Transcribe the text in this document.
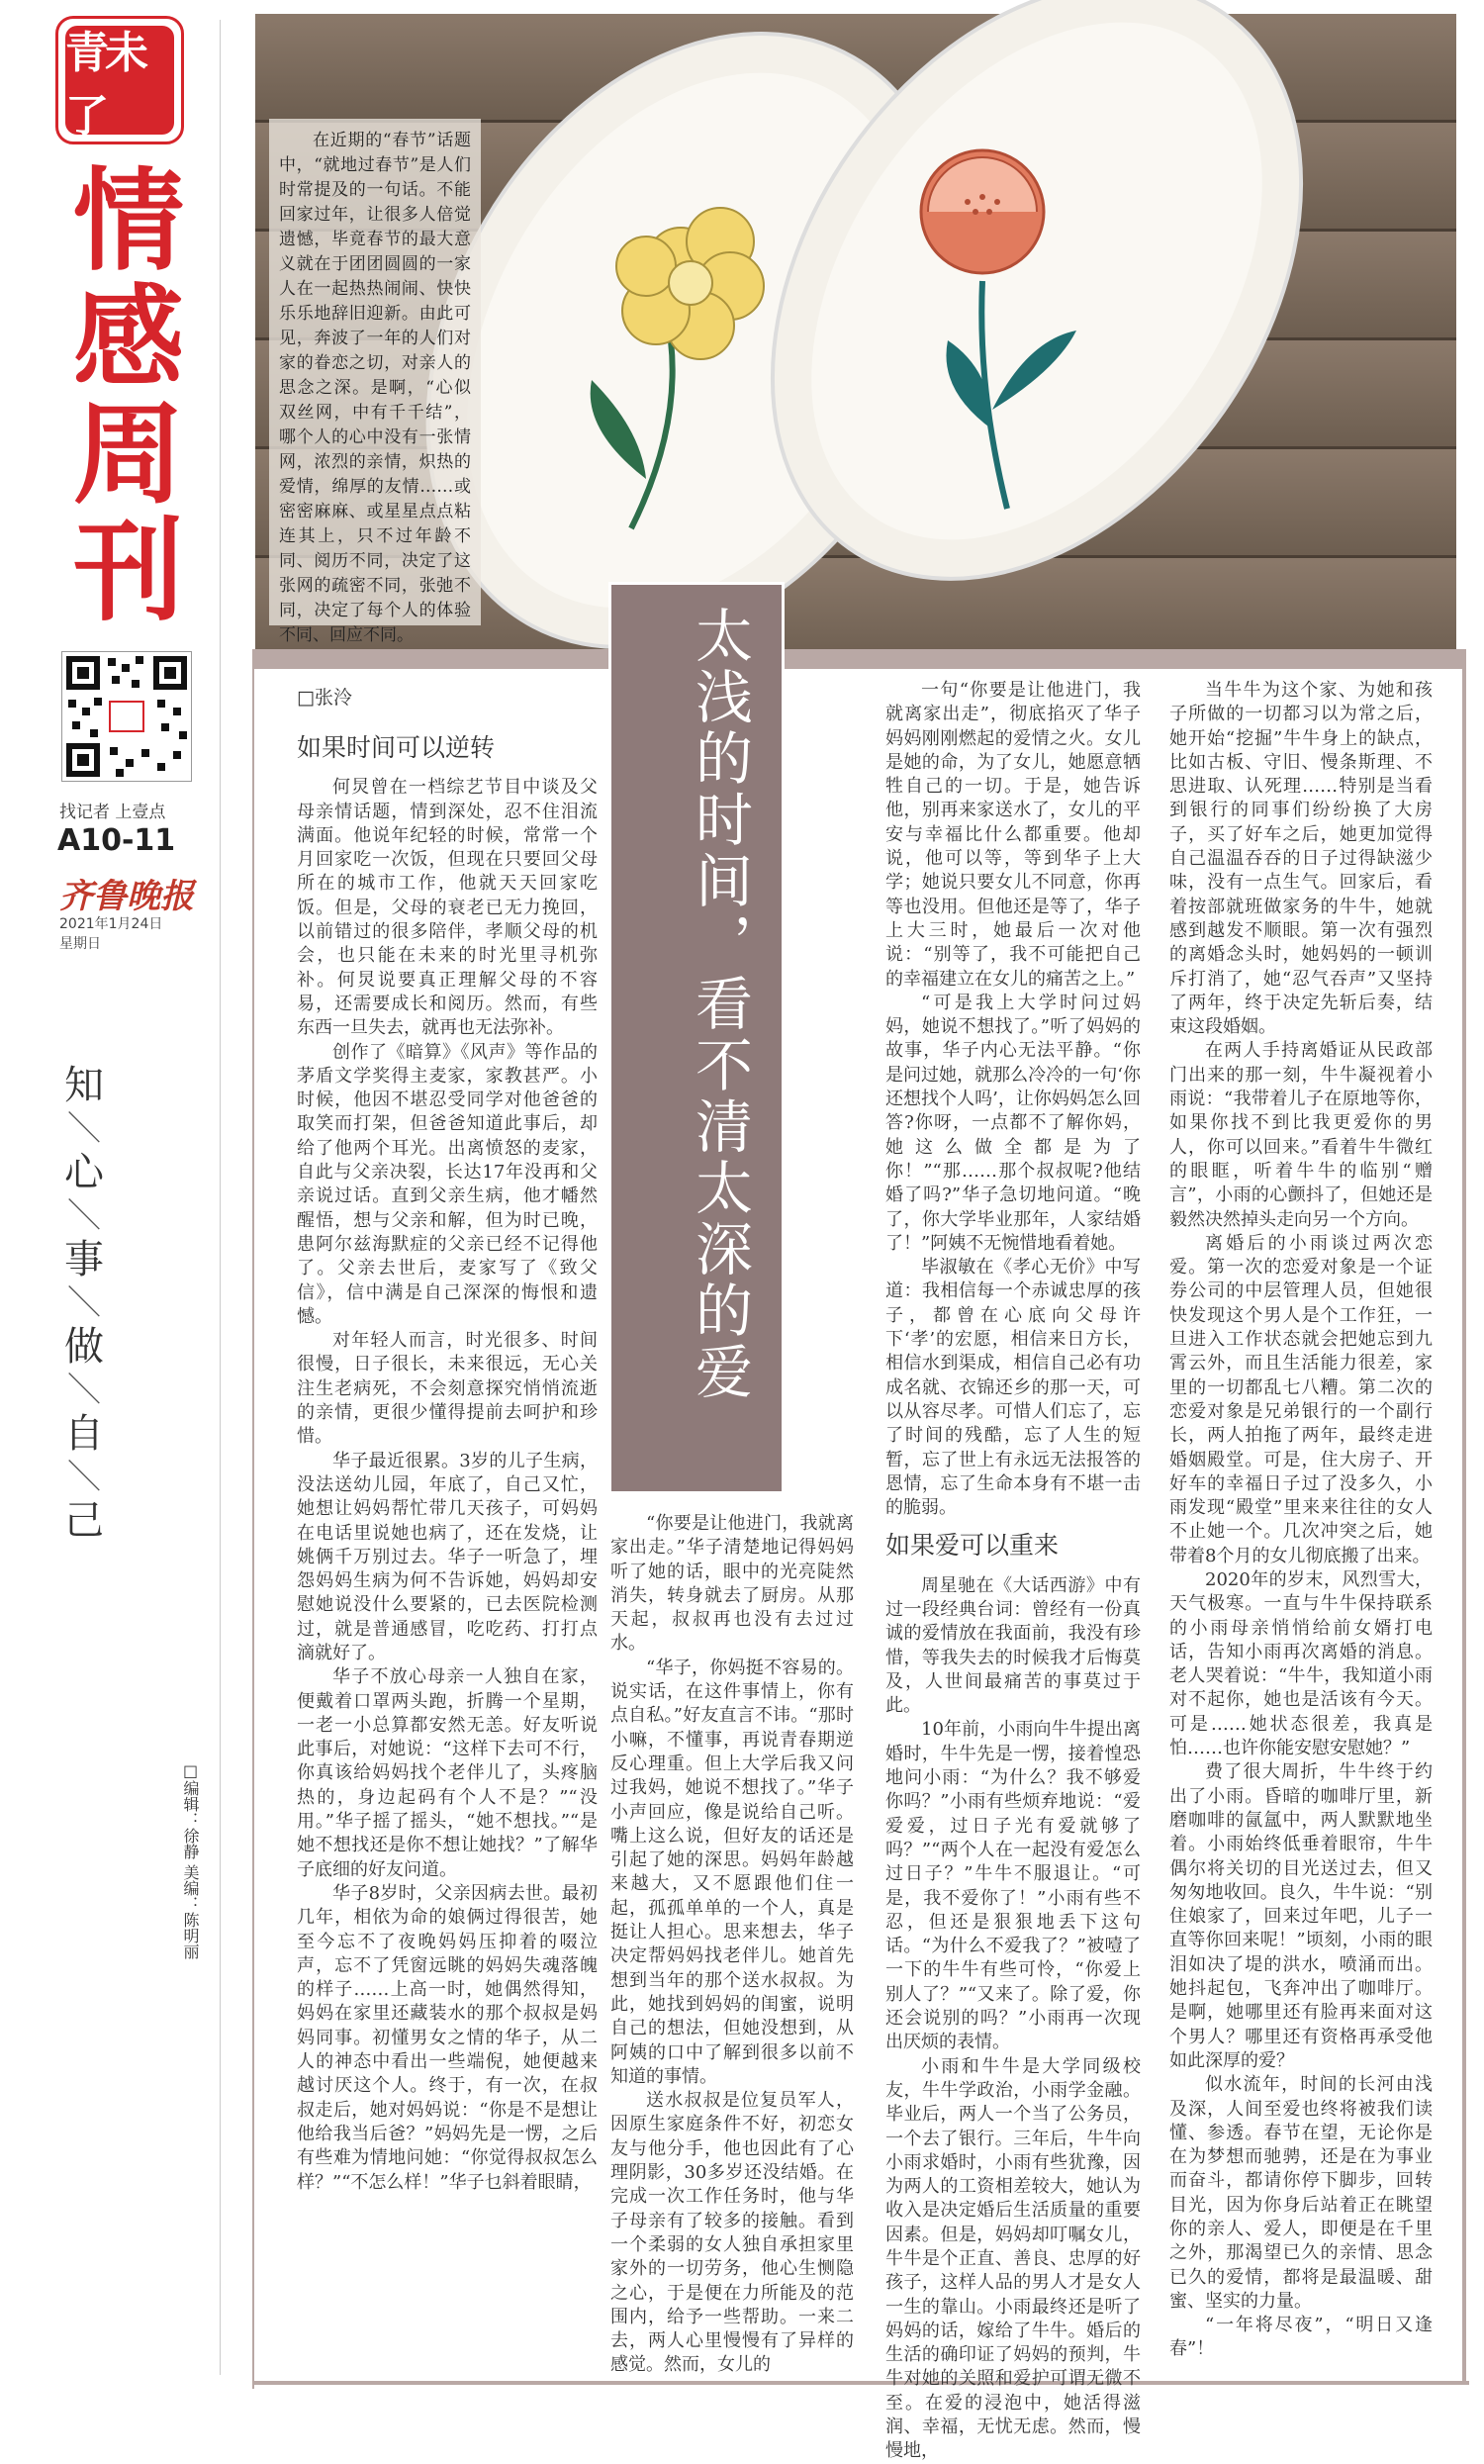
青未了
情
感
周
刊
找记者 上壹点
A10-11
齐鲁晚报
2021年1月24日
星期日
知
＼
心
＼
事
＼
做
＼
自
＼
己
在近期的“春节”话题中，“就地过春节”是人们时常提及的一句话。不能回家过年，让很多人倍觉遗憾，毕竟春节的最大意义就在于团团圆圆的一家人在一起热热闹闹、快快乐乐地辞旧迎新。由此可见，奔波了一年的人们对家的眷恋之切，对亲人的思念之深。是啊，“心似双丝网，中有千千结”，哪个人的心中没有一张情网，浓烈的亲情，炽热的爱情，绵厚的友情……或密密麻麻、或星星点点粘连其上，只不过年龄不同、阅历不同，决定了这张网的疏密不同，张弛不同，决定了每个人的体验不同、回应不同。	太浅的时间，看不清太深的爱
□张泠

如果时间可以逆转

何炅曾在一档综艺节目中谈及父母亲情话题，情到深处，忍不住泪流满面。他说年纪轻的时候，常常一个月回家吃一次饭，但现在只要回父母所在的城市工作，他就天天回家吃饭。但是，父母的衰老已无力挽回，以前错过的很多陪伴，孝顺父母的机会，也只能在未来的时光里寻机弥补。何炅说要真正理解父母的不容易，还需要成长和阅历。然而，有些东西一旦失去，就再也无法弥补。

创作了《暗算》《风声》等作品的茅盾文学奖得主麦家，家教甚严。小时候，他因不堪忍受同学对他爸爸的取笑而打架，但爸爸知道此事后，却给了他两个耳光。出离愤怒的麦家，自此与父亲决裂，长达17年没再和父亲说过话。直到父亲生病，他才幡然醒悟，想与父亲和解，但为时已晚，患阿尔兹海默症的父亲已经不记得他了。父亲去世后，麦家写了《致父信》，信中满是自己深深的悔恨和遗憾。

对年轻人而言，时光很多、时间很慢，日子很长，未来很远，无心关注生老病死，不会刻意探究悄悄流逝的亲情，更很少懂得提前去呵护和珍惜。

华子最近很累。3岁的儿子生病，没法送幼儿园，年底了，自己又忙，她想让妈妈帮忙带几天孩子，可妈妈在电话里说她也病了，还在发烧，让姚俩千万别过去。华子一听急了，埋怨妈妈生病为何不告诉她，妈妈却安慰她说没什么要紧的，已去医院检测过，就是普通感冒，吃吃药、打打点滴就好了。

华子不放心母亲一人独自在家，便戴着口罩两头跑，折腾一个星期，一老一小总算都安然无恙。好友听说此事后，对她说：“这样下去可不行，你真该给妈妈找个老伴儿了，头疼脑热的，身边起码有个人不是？”“没用。”华子摇了摇头，“她不想找。”“是她不想找还是你不想让她找？”了解华子底细的好友问道。

华子8岁时，父亲因病去世。最初几年，相依为命的娘俩过得很苦，她至今忘不了夜晚妈妈压抑着的啜泣声，忘不了凭窗远眺的妈妈失魂落魄的样子……上高一时，她偶然得知，妈妈在家里还藏装水的那个叔叔是妈妈同事。初懂男女之情的华子，从二人的神态中看出一些端倪，她便越来越讨厌这个人。终于，有一次，在叔叔走后，她对妈妈说：“你是不是想让他给我当后爸？”妈妈先是一愣，之后有些难为情地问她：“你觉得叔叔怎么样？”“不怎么样！”华子乜斜着眼睛，

“你要是让他进门，我就离家出走。”华子清楚地记得妈妈听了她的话，眼中的光亮陡然消失，转身就去了厨房。从那天起，叔叔再也没有去过过水。

“华子，你妈挺不容易的。说实话，在这件事情上，你有点自私。”好友直言不讳。“那时小嘛，不懂事，再说青春期逆反心理重。但上大学后我又问过我妈，她说不想找了。”华子小声回应，像是说给自己听。嘴上这么说，但好友的话还是引起了她的深思。妈妈年龄越来越大，又不愿跟他们住一起，孤孤单单的一个人，真是挺让人担心。思来想去，华子决定帮妈妈找老伴儿。她首先想到当年的那个送水叔叔。为此，她找到妈妈的闺蜜，说明自己的想法，但她没想到，从阿姨的口中了解到很多以前不知道的事情。

送水叔叔是位复员军人，因原生家庭条件不好，初恋女友与他分手，他也因此有了心理阴影，30多岁还没结婚。在完成一次工作任务时，他与华子母亲有了较多的接触。看到一个柔弱的女人独自承担家里家外的一切劳务，他心生恻隐之心，于是便在力所能及的范围内，给予一些帮助。一来二去，两人心里慢慢有了异样的感觉。然而，女儿的

一句“你要是让他进门，我就离家出走”，彻底掐灭了华子妈妈刚刚燃起的爱情之火。女儿是她的命，为了女儿，她愿意牺牲自己的一切。于是，她告诉他，别再来家送水了，女儿的平安与幸福比什么都重要。他却说，他可以等，等到华子上大学；她说只要女儿不同意，你再等也没用。但他还是等了，华子上大三时，她最后一次对他说：“别等了，我不可能把自己的幸福建立在女儿的痛苦之上。”

“可是我上大学时问过妈妈，她说不想找了。”听了妈妈的故事，华子内心无法平静。“你是问过她，就那么冷冷的一句‘你还想找个人吗’，让你妈妈怎么回答?你呀，一点都不了解你妈，她这么做全都是为了你！”“那……那个叔叔呢?他结婚了吗?”华子急切地问道。“晚了，你大学毕业那年，人家结婚了！”阿姨不无惋惜地看着她。

毕淑敏在《孝心无价》中写道：我相信每一个赤诚忠厚的孩子，都曾在心底向父母许下‘孝’的宏愿，相信来日方长，相信水到渠成，相信自己必有功成名就、衣锦还乡的那一天，可以从容尽孝。可惜人们忘了，忘了时间的残酷，忘了人生的短暂，忘了世上有永远无法报答的恩情，忘了生命本身有不堪一击的脆弱。

如果爱可以重来

周星驰在《大话西游》中有过一段经典台词：曾经有一份真诚的爱情放在我面前，我没有珍惜，等我失去的时候我才后悔莫及，人世间最痛苦的事莫过于此。

10年前，小雨向牛牛提出离婚时，牛牛先是一愣，接着惶恐地问小雨：“为什么？我不够爱你吗？”小雨有些烦弃地说：“爱爱爱，过日子光有爱就够了吗？”“两个人在一起没有爱怎么过日子？”牛牛不服退让。“可是，我不爱你了！”小雨有些不忍，但还是狠狠地丢下这句话。“为什么不爱我了？”被噎了一下的牛牛有些可怜，“你爱上别人了？”“又来了。除了爱，你还会说别的吗？”小雨再一次现出厌烦的表情。

小雨和牛牛是大学同级校友，牛牛学政治，小雨学金融。毕业后，两人一个当了公务员，一个去了银行。三年后，牛牛向小雨求婚时，小雨有些犹豫，因为两人的工资相差较大，她认为收入是决定婚后生活质量的重要因素。但是，妈妈却叮嘱女儿，牛牛是个正直、善良、忠厚的好孩子，这样人品的男人才是女人一生的靠山。小雨最终还是听了妈妈的话，嫁给了牛牛。婚后的生活的确印证了妈妈的预判，牛牛对她的关照和爱护可谓无微不至。在爱的浸泡中，她活得滋润、幸福，无忧无虑。然而，慢慢地，

当牛牛为这个家、为她和孩子所做的一切都习以为常之后，她开始“挖掘”牛牛身上的缺点，比如古板、守旧、慢条斯理、不思进取、认死理……特别是当看到银行的同事们纷纷换了大房子，买了好车之后，她更加觉得自己温温吞吞的日子过得缺滋少味，没有一点生气。回家后，看着按部就班做家务的牛牛，她就感到越发不顺眼。第一次有强烈的离婚念头时，她妈妈的一顿训斥打消了，她“忍气吞声”又坚持了两年，终于决定先斩后奏，结束这段婚姻。

在两人手持离婚证从民政部门出来的那一刻，牛牛凝视着小雨说：“我带着儿子在原地等你，如果你找不到比我更爱你的男人，你可以回来。”看着牛牛微红的眼眶，听着牛牛的临别“赠言”，小雨的心颤抖了，但她还是毅然决然掉头走向另一个方向。

离婚后的小雨谈过两次恋爱。第一次的恋爱对象是一个证券公司的中层管理人员，但她很快发现这个男人是个工作狂，一旦进入工作状态就会把她忘到九霄云外，而且生活能力很差，家里的一切都乱七八糟。第二次的恋爱对象是兄弟银行的一个副行长，两人拍拖了两年，最终走进婚姻殿堂。可是，住大房子、开好车的幸福日子过了没多久，小雨发现“殿堂”里来来往往的女人不止她一个。几次冲突之后，她带着8个月的女儿彻底搬了出来。

2020年的岁末，风烈雪大，天气极寒。一直与牛牛保持联系的小雨母亲悄悄给前女婿打电话，告知小雨再次离婚的消息。老人哭着说：“牛牛，我知道小雨对不起你，她也是活该有今天。可是……她状态很差，我真是怕……也许你能安慰安慰她？”

费了很大周折，牛牛终于约出了小雨。昏暗的咖啡厅里，新磨咖啡的氤氲中，两人默默地坐着。小雨始终低垂着眼帘，牛牛偶尔将关切的目光送过去，但又匆匆地收回。良久，牛牛说：“别住娘家了，回来过年吧，儿子一直等你回来呢！”顷刻，小雨的眼泪如决了堤的洪水，喷涌而出。她抖起包，飞奔冲出了咖啡厅。是啊，她哪里还有脸再来面对这个男人？哪里还有资格再承受他如此深厚的爱？

似水流年，时间的长河由浅及深，人间至爱也终将被我们读懂、参透。春节在望，无论你是在为梦想而驰骋，还是在为事业而奋斗，都请你停下脚步，回转目光，因为你身后站着正在眺望你的亲人、爱人，即便是在千里之外，那渴望已久的亲情、思念已久的爱情，都将是最温暖、甜蜜、坚实的力量。

“一年将尽夜”，“明日又逢春”！

□编辑：徐静 美编：陈明丽
